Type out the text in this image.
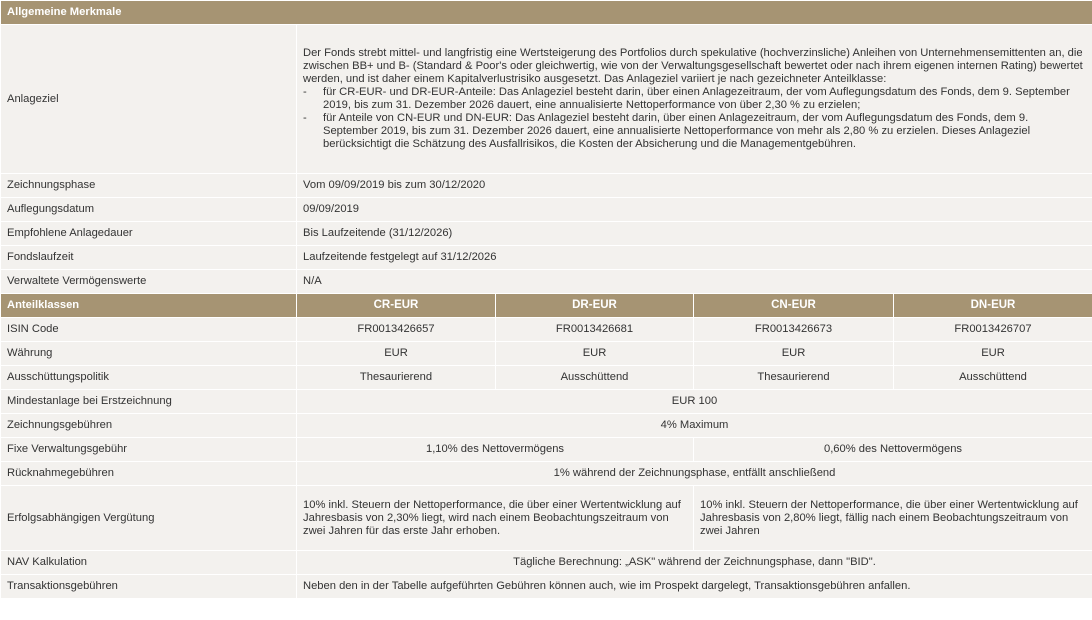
Allgemeine Merkmale				
Anlageziel	Der Fonds strebt mittel- und langfristig eine Wertsteigerung des Portfolios durch spekulative (hochverzinsliche) Anleihen von Unternehmensemittenten an, die zwischen BB+ und B- (Standard & Poor's oder gleichwertig, wie von der Verwaltungsgesellschaft bewertet oder nach ihrem eigenen internen Rating) bewertet werden, und ist daher einem Kapitalverlustrisiko ausgesetzt. Das Anlageziel variiert je nach gezeichneter Anteilklasse:

- für CR-EUR- und DR-EUR-Anteile: Das Anlageziel besteht darin, über einen Anlagezeitraum, der vom Auflegungsdatum des Fonds, dem 9. September 2019, bis zum 31. Dezember 2026 dauert, eine annualisierte Nettoperformance von über 2,30 % zu erzielen;
- für Anteile von CN-EUR und DN-EUR: Das Anlageziel besteht darin, über einen Anlagezeitraum, der vom Auflegungsdatum des Fonds, dem 9. September 2019, bis zum 31. Dezember 2026 dauert, eine annualisierte Nettoperformance von mehr als 2,80 % zu erzielen. Dieses Anlageziel berücksichtigt die Schätzung des Ausfallrisikos, die Kosten der Absicherung und die Managementgebühren.			

Zeichnungsphase	Vom 09/09/2019 bis zum 30/12/2020			
Auflegungsdatum	09/09/2019			
Empfohlene Anlagedauer	Bis Laufzeitende (31/12/2026)			
Fondslaufzeit	Laufzeitende festgelegt auf 31/12/2026			
Verwaltete Vermögenswerte	N/A			
Anteilklassen	CR-EUR	DR-EUR	CN-EUR	DN-EUR
ISIN Code	FR0013426657	FR0013426681	FR0013426673	FR0013426707
Währung	EUR	EUR	EUR	EUR
Ausschüttungspolitik	Thesaurierend	Ausschüttend	Thesaurierend	Ausschüttend
Mindestanlage bei Erstzeichnung	EUR 100			
Zeichnungsgebühren	4% Maximum			
Fixe Verwaltungsgebühr	1,10% des Nettovermögens		0,60% des Nettovermögens	
Rücknahmegebühren	1% während der Zeichnungsphase, entfällt anschließend			
Erfolgsabhängigen Vergütung	10% inkl. Steuern der Nettoperformance, die über einer Wertentwicklung auf Jahresbasis von 2,30% liegt, wird nach einem Beobachtungszeitraum von zwei Jahren für das erste Jahr erhoben.		10% inkl. Steuern der Nettoperformance, die über einer Wertentwicklung auf Jahresbasis von 2,80% liegt, fällig nach einem Beobachtungszeitraum von zwei Jahren	
NAV Kalkulation	Tägliche Berechnung: „ASK" während der Zeichnungsphase, dann "BID".			
Transaktionsgebühren	Neben den in der Tabelle aufgeführten Gebühren können auch, wie im Prospekt dargelegt, Transaktionsgebühren anfallen.			
